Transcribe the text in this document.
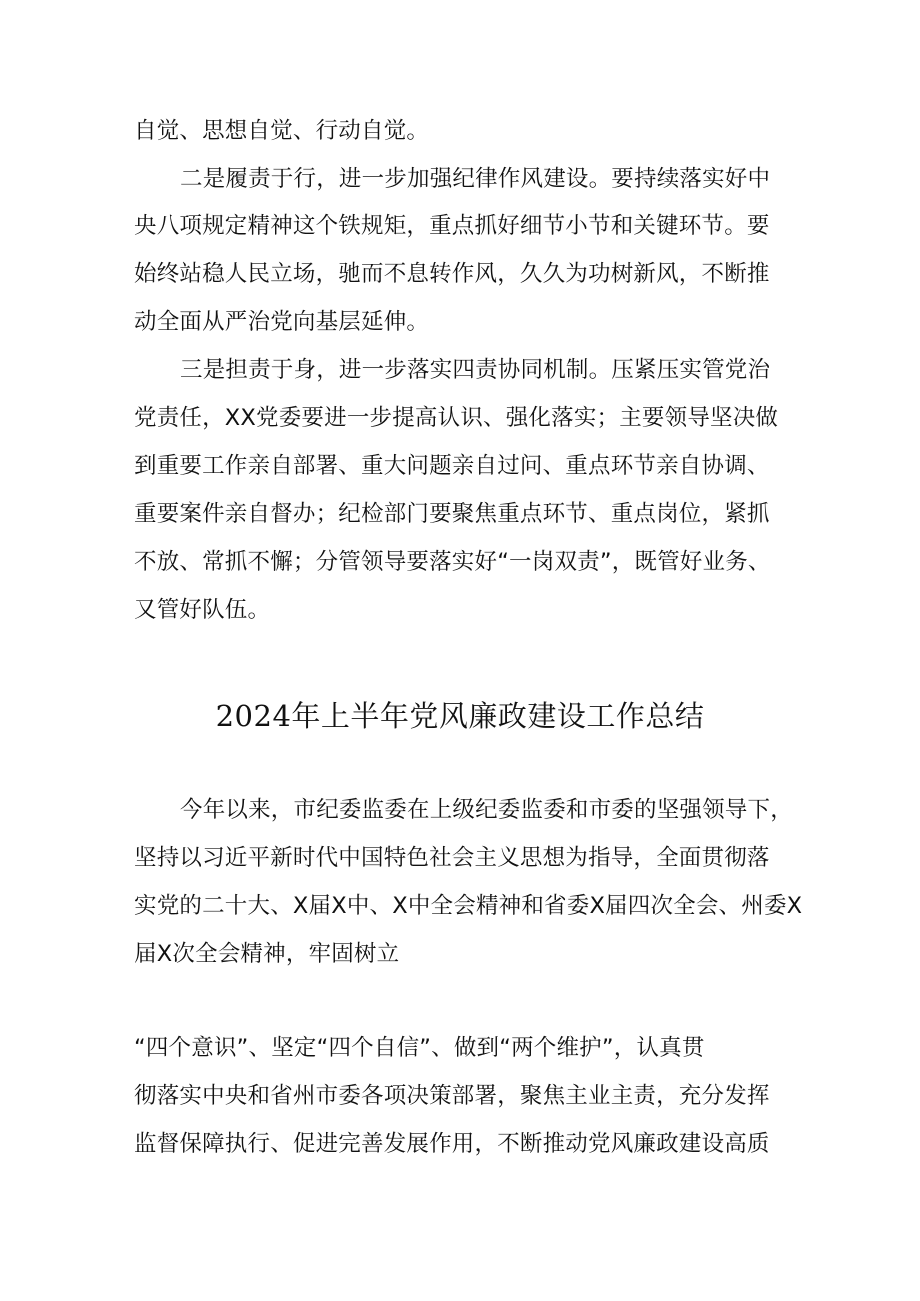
自觉、思想自觉、行动自觉。
二是履责于行，进一步加强纪律作风建设。要持续落实好中
央八项规定精神这个铁规矩，重点抓好细节小节和关键环节。要
始终站稳人民立场，驰而不息转作风，久久为功树新风，不断推
动全面从严治党向基层延伸。
三是担责于身，进一步落实四责协同机制。压紧压实管党治
党责任，XX党委要进一步提高认识、强化落实；主要领导坚决做
到重要工作亲自部署、重大问题亲自过问、重点环节亲自协调、
重要案件亲自督办；纪检部门要聚焦重点环节、重点岗位，紧抓
不放、常抓不懈；分管领导要落实好“一岗双责”，既管好业务、
又管好队伍。
2024年上半年党风廉政建设工作总结
今年以来，市纪委监委在上级纪委监委和市委的坚强领导下，
坚持以习近平新时代中国特色社会主义思想为指导，全面贯彻落
实党的二十大、X届X中、X中全会精神和省委X届四次全会、州委X
届X次全会精神，牢固树立
“四个意识”、坚定“四个自信”、做到“两个维护”，认真贯
彻落实中央和省州市委各项决策部署，聚焦主业主责，充分发挥
监督保障执行、促进完善发展作用，不断推动党风廉政建设高质
